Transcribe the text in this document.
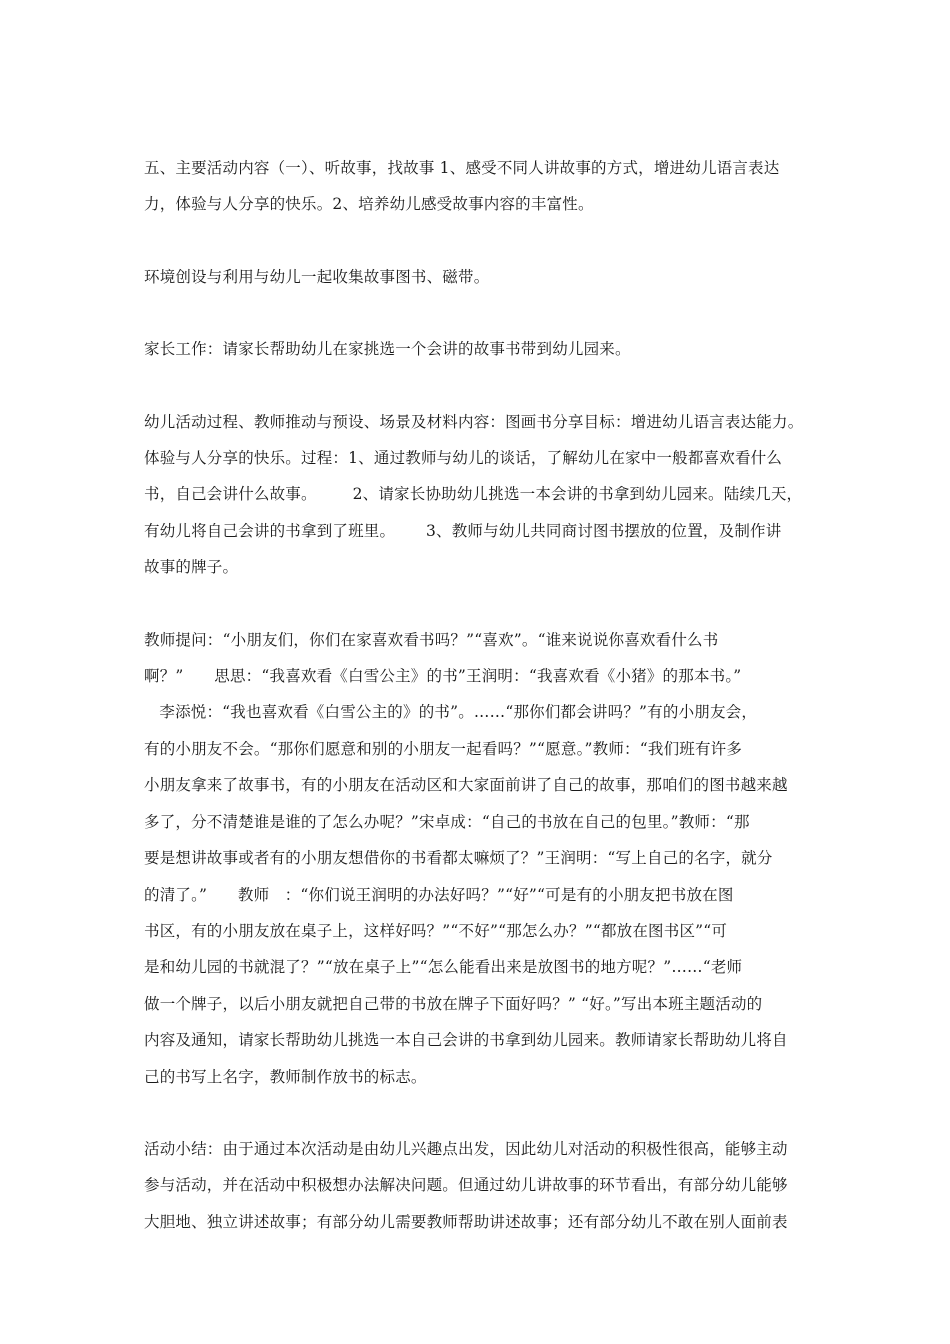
五、主要活动内容（一）、听故事，找故事 1、感受不同人讲故事的方式，增进幼儿语言表达
力，体验与人分享的快乐。2、培养幼儿感受故事内容的丰富性。
环境创设与利用与幼儿一起收集故事图书、磁带。
家长工作：请家长帮助幼儿在家挑选一个会讲的故事书带到幼儿园来。
幼儿活动过程、教师推动与预设、场景及材料内容：图画书分享目标：增进幼儿语言表达能力。
体验与人分享的快乐。过程：1、通过教师与幼儿的谈话，了解幼儿在家中一般都喜欢看什么
书，自己会讲什么故事。       2、请家长协助幼儿挑选一本会讲的书拿到幼儿园来。陆续几天，
有幼儿将自己会讲的书拿到了班里。      3、教师与幼儿共同商讨图书摆放的位置，及制作讲
故事的牌子。
教师提问：“小朋友们，你们在家喜欢看书吗？”“喜欢”。“谁来说说你喜欢看什么书
啊？”      思思：“我喜欢看《白雪公主》的书”王润明：“我喜欢看《小猪》的那本书。”
李添悦：“我也喜欢看《白雪公主的》的书”。……“那你们都会讲吗？”有的小朋友会，
有的小朋友不会。“那你们愿意和别的小朋友一起看吗？”“愿意。”教师：“我们班有许多
小朋友拿来了故事书，有的小朋友在活动区和大家面前讲了自己的故事，那咱们的图书越来越
多了，分不清楚谁是谁的了怎么办呢？”宋卓成：“自己的书放在自己的包里。”教师：“那
要是想讲故事或者有的小朋友想借你的书看都太嘛烦了？”王润明：“写上自己的名字，就分
的清了。”      教师   ：“你们说王润明的办法好吗？”“好”“可是有的小朋友把书放在图
书区，有的小朋友放在桌子上，这样好吗？”“不好”“那怎么办？”“都放在图书区”“可
是和幼儿园的书就混了？”“放在桌子上”“怎么能看出来是放图书的地方呢？”……“老师
做一个牌子，以后小朋友就把自己带的书放在牌子下面好吗？” “好。”写出本班主题活动的
内容及通知，请家长帮助幼儿挑选一本自己会讲的书拿到幼儿园来。教师请家长帮助幼儿将自
己的书写上名字，教师制作放书的标志。
活动小结：由于通过本次活动是由幼儿兴趣点出发，因此幼儿对活动的积极性很高，能够主动
参与活动，并在活动中积极想办法解决问题。但通过幼儿讲故事的环节看出，有部分幼儿能够
大胆地、独立讲述故事；有部分幼儿需要教师帮助讲述故事；还有部分幼儿不敢在别人面前表
